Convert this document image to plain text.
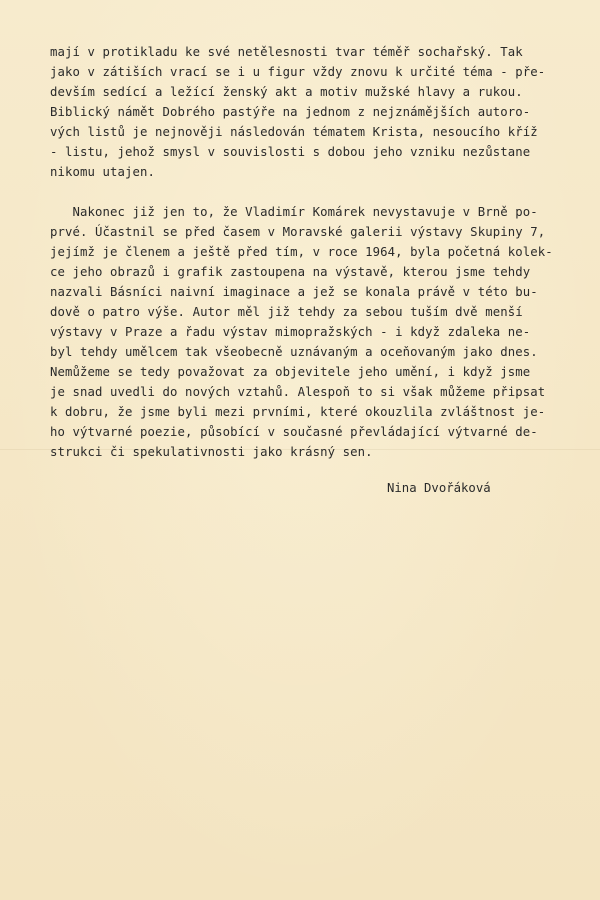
mají v protikladu ke své netělesnosti tvar téměř sochařský. Tak
jako v zátiších vrací se i u figur vždy znovu k určité téma - pře-
devším sedící a ležící ženský akt a motiv mužské hlavy a rukou.
Biblický námět Dobrého pastýře na jednom z nejznámějších autoro-
vých listů je nejnověji následován tématem Krista, nesoucího kříž
- listu, jehož smysl v souvislosti s dobou jeho vzniku nezůstane
nikomu utajen.
Nakonec již jen to, že Vladimír Komárek nevystavuje v Brně po-
prvé. Účastnil se před časem v Moravské galerii výstavy Skupiny 7,
jejímž je členem a ještě před tím, v roce 1964, byla početná kolek-
ce jeho obrazů i grafik zastoupena na výstavě, kterou jsme tehdy
nazvali Básníci naivní imaginace a jež se konala právě v této bu-
dově o patro výše. Autor měl již tehdy za sebou tuším dvě menší
výstavy v Praze a řadu výstav mimopražských - i když zdaleka ne-
byl tehdy umělcem tak všeobecně uznávaným a oceňovaným jako dnes.
Nemůžeme se tedy považovat za objevitele jeho umění, i když jsme
je snad uvedli do nových vztahů. Alespoň to si však můžeme připsat
k dobru, že jsme byli mezi prvními, které okouzlila zvláštnost je-
ho výtvarné poezie, působící v současné převládající výtvarné de-
strukci či spekulativnosti jako krásný sen.
Nina Dvořáková
